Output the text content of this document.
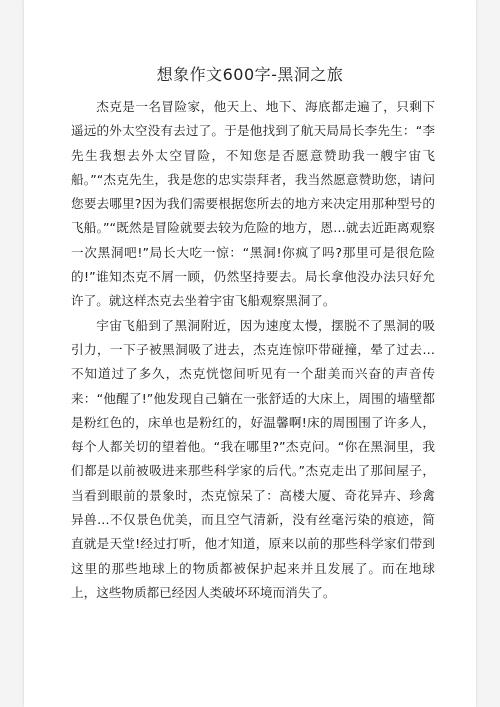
想象作文600字-黑洞之旅

杰克是一名冒险家，他天上、地下、海底都走遍了，只剩下遥远的外太空没有去过了。于是他找到了航天局局长李先生：“李先生我想去外太空冒险，不知您是否愿意赞助我一艘宇宙飞船。”“杰克先生，我是您的忠实崇拜者，我当然愿意赞助您，请问您要去哪里?因为我们需要根据您所去的地方来决定用那种型号的飞船。”“既然是冒险就要去较为危险的地方，恩…就去近距离观察一次黑洞吧!”局长大吃一惊：“黑洞!你疯了吗?那里可是很危险的!”谁知杰克不屑一顾，仍然坚持要去。局长拿他没办法只好允许了。就这样杰克去坐着宇宙飞船观察黑洞了。

宇宙飞船到了黑洞附近，因为速度太慢，摆脱不了黑洞的吸引力，一下子被黑洞吸了进去，杰克连惊吓带碰撞，晕了过去…不知道过了多久，杰克恍惚间听见有一个甜美而兴奋的声音传来：“他醒了!”他发现自己躺在一张舒适的大床上，周围的墙壁都是粉红色的，床单也是粉红的，好温馨啊!床的周围围了许多人，每个人都关切的望着他。“我在哪里?”杰克问。“你在黑洞里，我们都是以前被吸进来那些科学家的后代。”杰克走出了那间屋子，当看到眼前的景象时，杰克惊呆了：高楼大厦、奇花异卉、珍禽异兽…不仅景色优美，而且空气清新，没有丝毫污染的痕迹，简直就是天堂!经过打听，他才知道，原来以前的那些科学家们带到这里的那些地球上的物质都被保护起来并且发展了。而在地球上，这些物质都已经因人类破坏环境而消失了。
